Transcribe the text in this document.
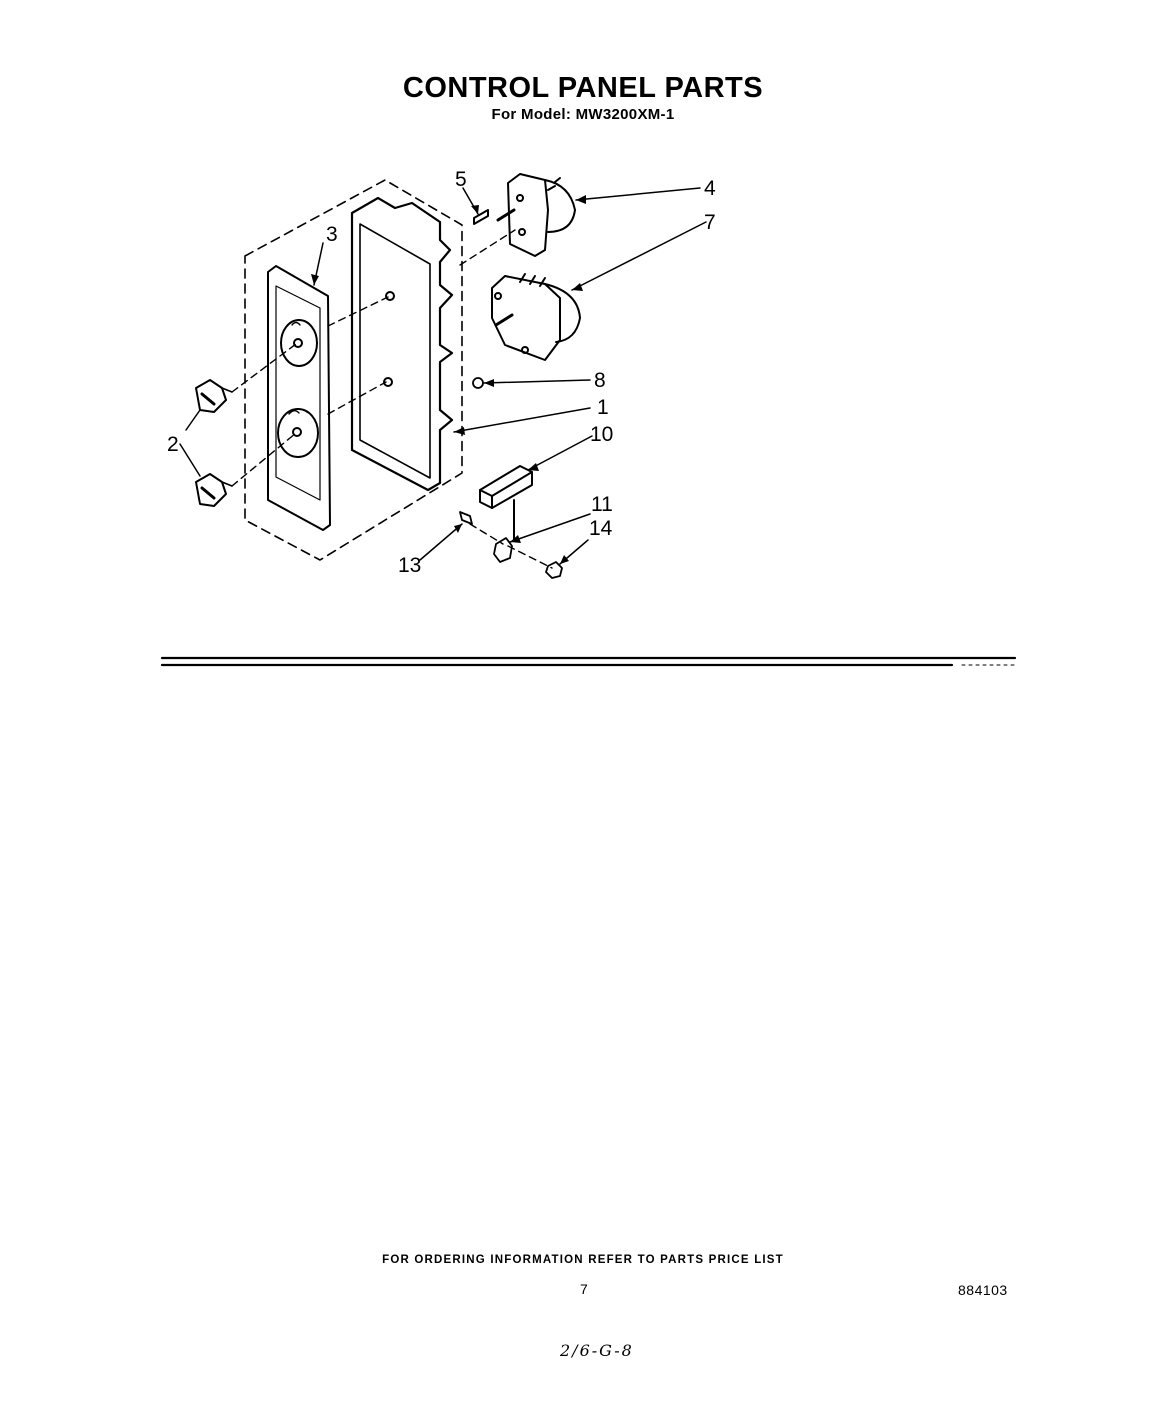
CONTROL PANEL PARTS
For Model: MW3200XM-1
5	4
7
3
2
8
1
10
11
14
13
FOR ORDERING INFORMATION REFER TO PARTS PRICE LIST
7	884103
2/6-G-8
